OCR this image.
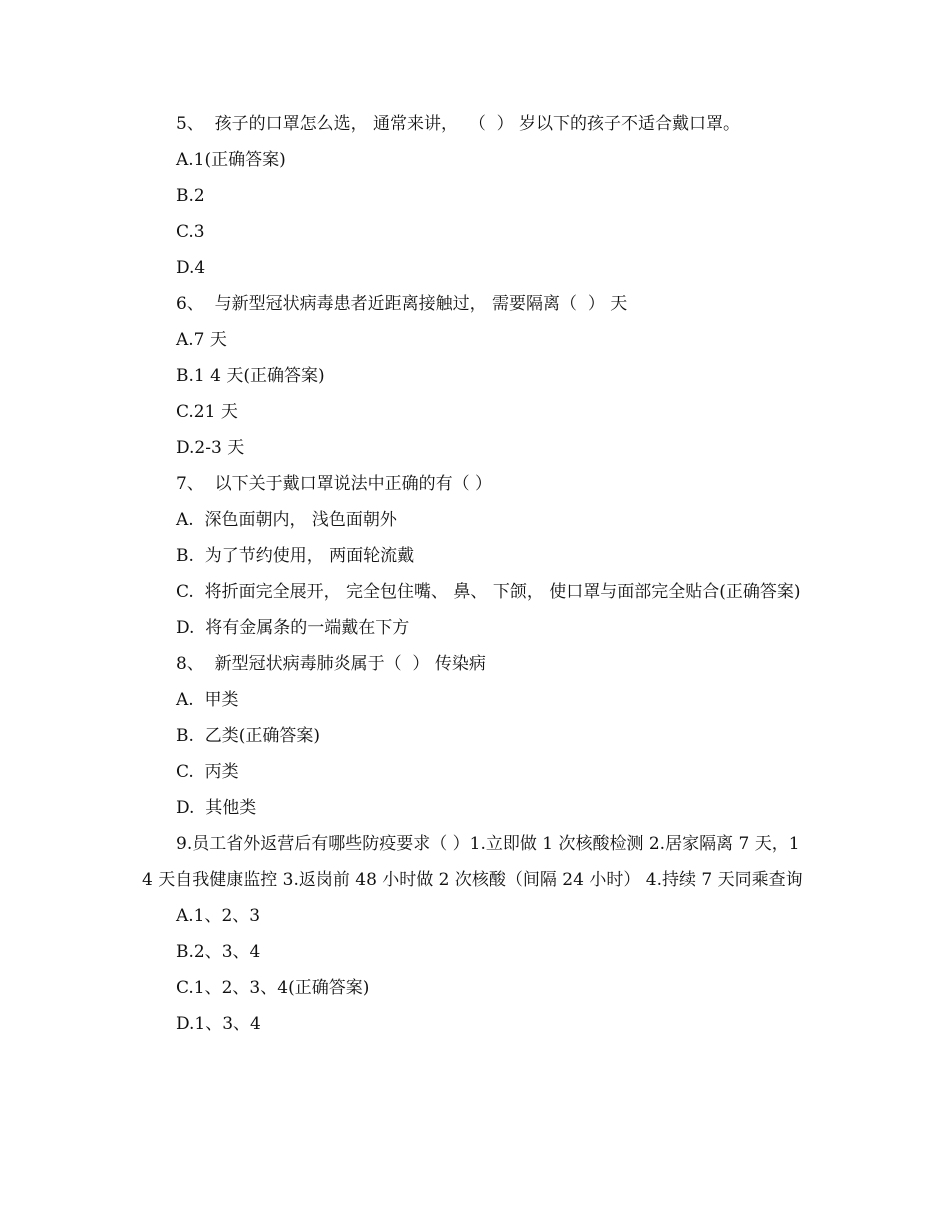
5、  孩子的口罩怎么选， 通常来讲，  （  ） 岁以下的孩子不适合戴口罩。

A.1(正确答案)

B.2

C.3

D.4

6、  与新型冠状病毒患者近距离接触过， 需要隔离（  ） 天

A.7 天

B.1 4 天(正确答案)

C.21 天

D.2-3 天

7、  以下关于戴口罩说法中正确的有（ ）

A.  深色面朝内， 浅色面朝外

B.  为了节约使用， 两面轮流戴

C.  将折面完全展开， 完全包住嘴、 鼻、 下颌， 使口罩与面部完全贴合(正确答案)

D.  将有金属条的一端戴在下方

8、  新型冠状病毒肺炎属于（  ） 传染病

A.  甲类

B.  乙类(正确答案)

C.  丙类

D.  其他类

9.员工省外返营后有哪些防疫要求（ ）1.立即做 1 次核酸检测 2.居家隔离 7 天，14 天自我健康监控 3.返岗前 48 小时做 2 次核酸（间隔 24 小时） 4.持续 7 天同乘查询

A.1、2、3

B.2、3、4

C.1、2、3、4(正确答案)

D.1、3、4
